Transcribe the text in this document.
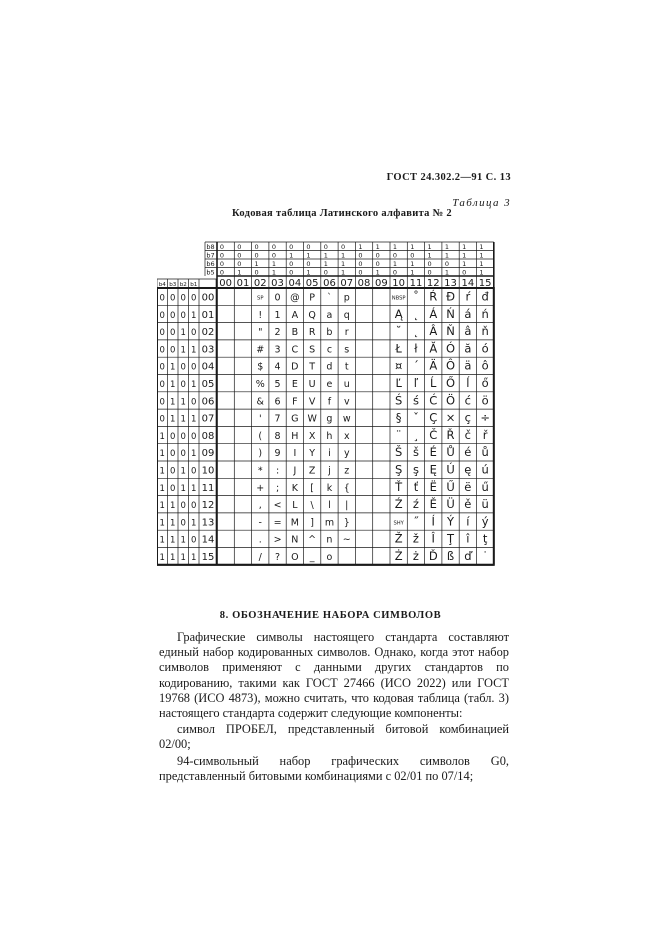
ГОСТ 24.302.2—91 С. 13
Таблица 3
Кодовая таблица Латинского алфавита № 2
b8 0 0 0 0 0 0 0 0 1 1 1 1 1 1 1 1
b7 0 0 0 0 1 1 1 1 0 0 0 0 1 1 1 1
b6 0 0 1 1 0 0 1 1 0 0 1 1 0 0 1 1
b5 0 1 0 1 0 1 0 1 0 1 0 1 0 1 0 1
00 01 02 03 04 05 06 07 08 09 10 11 12 13 14 15
b4 b3 b2 b1
0 0 0 0 00	SP 0 @ P ` p	NBSP ˚ Ŕ Đ ŕ đ
0 0 0 1 01	! 1 A Q a q	Ą ˛ Á Ń á ń
0 0 1 0 02	" 2 B R b r	˘ ˛ Â Ň â ň
0 0 1 1 03	# 3 C S c s	Ł ł Ă Ó ă ó
0 1 0 0 04	$ 4 D T d t	¤ ´ Ä Ô ä ô
0 1 0 1 05	% 5 E U e u	Ľ ľ Ĺ Ő ĺ ő
0 1 1 0 06	& 6 F V f v	Ś ś Ć Ö ć ö
0 1 1 1 07	' 7 G W g w	§ ˇ Ç × ç ÷
1 0 0 0 08	( 8 H X h x	¨ ¸ Č Ř č ř
1 0 0 1 09	) 9 I Y i y	Š š É Ů é ů
1 0 1 0 10	* : J Z j z	Ş ş Ę Ú ę ú
1 0 1 1 11	+ ; K [ k {	Ť ť Ë Ű ë ű
1 1 0 0 12	, < L \ l |	Ź ź Ě Ü ě ü
1 1 0 1 13	- = M ] m }	SHY ˝ Í Ý í ý
1 1 1 0 14	. > N ^ n ~	Ž ž Î Ţ î ţ
1 1 1 1 15	/ ? O _ o	Ż ż Ď ß ď ˙
8. ОБОЗНАЧЕНИЕ НАБОРА СИМВОЛОВ

Графические символы настоящего стандарта составляют единый набор кодированных символов. Однако, когда этот набор символов применяют с данными других стандартов по кодированию, такими как ГОСТ 27466 (ИСО 2022) или ГОСТ 19768 (ИСО 4873), можно считать, что кодовая таблица (табл. 3) настоящего стандарта содержит следующие компоненты:

символ ПРОБЕЛ, представленный битовой комбинацией 02/00;

94-символьный набор графических символов G0, представленный битовыми комбинациями с 02/01 по 07/14;
